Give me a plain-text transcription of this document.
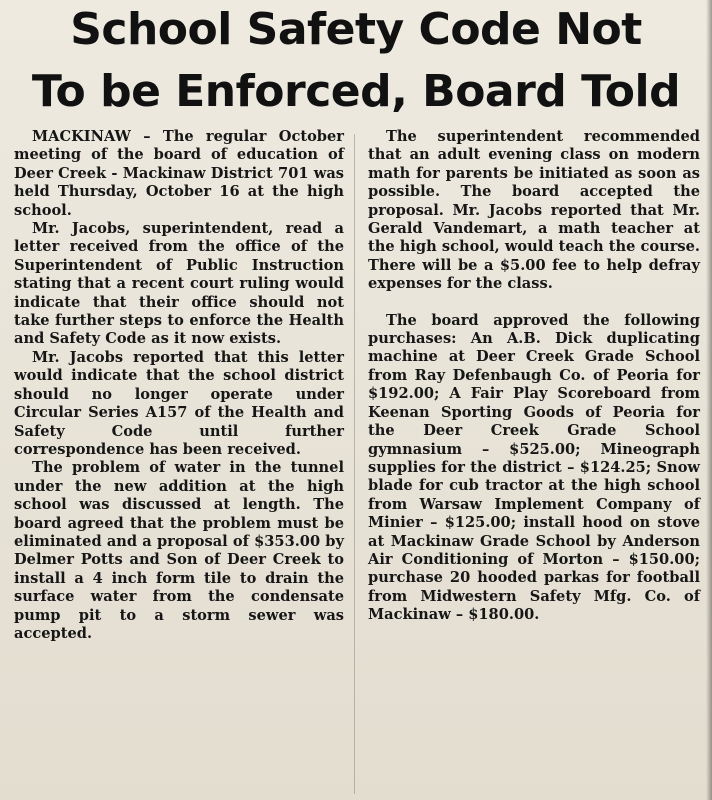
School Safety Code Not
To be Enforced, Board Told

MACKINAW – The regular October meeting of the board of education of Deer Creek - Mackinaw District 701 was held Thursday, October 16 at the high school.

Mr. Jacobs, superintendent, read a letter received from the office of the Superintendent of Public Instruction stating that a recent court ruling would indicate that their office should not take further steps to enforce the Health and Safety Code as it now exists.

Mr. Jacobs reported that this letter would indicate that the school district should no longer operate under Circular Series A157 of the Health and Safety Code until further correspondence has been received.

The problem of water in the tunnel under the new addition at the high school was discussed at length. The board agreed that the problem must be eliminated and a proposal of $353.00 by Delmer Potts and Son of Deer Creek to install a 4 inch form tile to drain the surface water from the condensate pump pit to a storm sewer was accepted.

The superintendent recommended that an adult evening class on modern math for parents be initiated as soon as possible. The board accepted the proposal. Mr. Jacobs reported that Mr. Gerald Vandemart, a math teacher at the high school, would teach the course. There will be a $5.00 fee to help defray expenses for the class.

The board approved the following purchases: An A.B. Dick duplicating machine at Deer Creek Grade School from Ray Defenbaugh Co. of Peoria for $192.00; A Fair Play Scoreboard from Keenan Sporting Goods of Peoria for the Deer Creek Grade School gymnasium – $525.00; Mineograph supplies for the district – $124.25; Snow blade for cub tractor at the high school from Warsaw Implement Company of Minier – $125.00; install hood on stove at Mackinaw Grade School by Anderson Air Conditioning of Morton – $150.00; purchase 20 hooded parkas for football from Midwestern Safety Mfg. Co. of Mackinaw – $180.00.
